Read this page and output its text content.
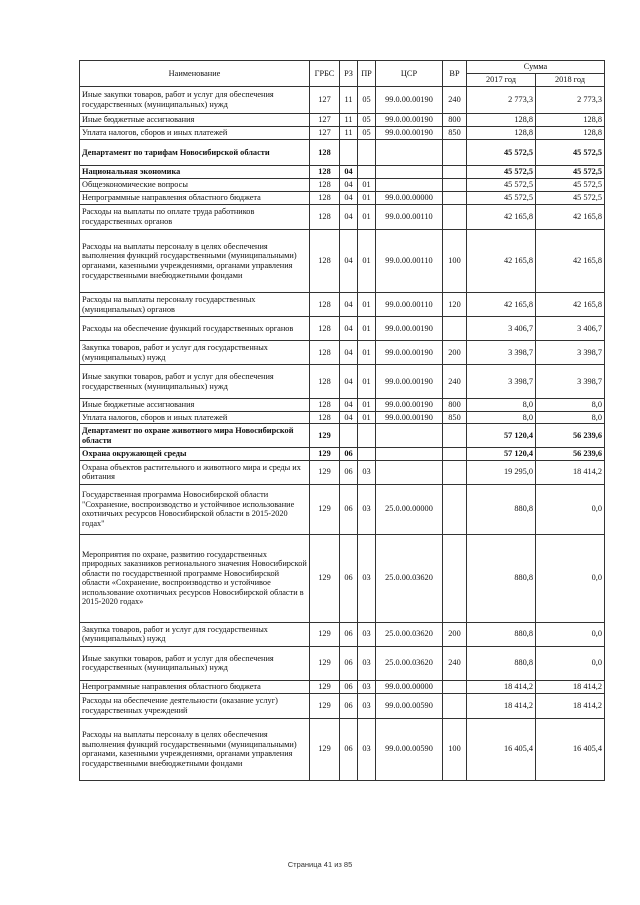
Наименование	ГРБС	РЗ	ПР	ЦСР	ВР	Сумма	
						2017 год	2018 год
Иные закупки товаров, работ и услуг для обеспечения государственных (муниципальных) нужд	127	11	05	99.0.00.00190	240	2 773,3	2 773,3
Иные бюджетные ассигнования	127	11	05	99.0.00.00190	800	128,8	128,8
Уплата налогов, сборов и иных платежей	127	11	05	99.0.00.00190	850	128,8	128,8
Департамент по тарифам Новосибирской области	128					45 572,5	45 572,5
Национальная экономика	128	04				45 572,5	45 572,5
Общеэкономические вопросы	128	04	01			45 572,5	45 572,5
Непрограммные направления областного бюджета	128	04	01	99.0.00.00000		45 572,5	45 572,5
Расходы на выплаты по оплате труда работников государственных органов	128	04	01	99.0.00.00110		42 165,8	42 165,8
Расходы на выплаты персоналу в целях обеспечения выполнения функций государственными (муниципальными) органами, казенными учреждениями, органами управления государственными внебюджетными фондами	128	04	01	99.0.00.00110	100	42 165,8	42 165,8
Расходы на выплаты персоналу государственных (муниципальных) органов	128	04	01	99.0.00.00110	120	42 165,8	42 165,8
Расходы на обеспечение функций государственных органов	128	04	01	99.0.00.00190		3 406,7	3 406,7
Закупка товаров, работ и услуг для государственных (муниципальных) нужд	128	04	01	99.0.00.00190	200	3 398,7	3 398,7
Иные закупки товаров, работ и услуг для обеспечения государственных (муниципальных) нужд	128	04	01	99.0.00.00190	240	3 398,7	3 398,7
Иные бюджетные ассигнования	128	04	01	99.0.00.00190	800	8,0	8,0
Уплата налогов, сборов и иных платежей	128	04	01	99.0.00.00190	850	8,0	8,0
Департамент по охране животного мира Новосибирской области	129					57 120,4	56 239,6
Охрана окружающей среды	129	06				57 120,4	56 239,6
Охрана объектов растительного и животного мира и среды их обитания	129	06	03			19 295,0	18 414,2
Государственная программа Новосибирской области "Сохранение, воспроизводство и устойчивое использование охотничьих ресурсов Новосибирской области в 2015-2020 годах"	129	06	03	25.0.00.00000		880,8	0,0
Мероприятия по охране, развитию государственных природных заказников регионального значения Новосибирской области по государственной программе Новосибирской области «Сохранение, воспроизводство и устойчивое использование охотничьих ресурсов Новосибирской области в 2015-2020 годах»	129	06	03	25.0.00.03620		880,8	0,0
Закупка товаров, работ и услуг для государственных (муниципальных) нужд	129	06	03	25.0.00.03620	200	880,8	0,0
Иные закупки товаров, работ и услуг для обеспечения государственных (муниципальных) нужд	129	06	03	25.0.00.03620	240	880,8	0,0
Непрограммные направления областного бюджета	129	06	03	99.0.00.00000		18 414,2	18 414,2
Расходы на обеспечение деятельности (оказание услуг) государственных учреждений	129	06	03	99.0.00.00590		18 414,2	18 414,2
Расходы на выплаты персоналу в целях обеспечения выполнения функций государственными (муниципальными) органами, казенными учреждениями, органами управления государственными внебюджетными фондами	129	06	03	99.0.00.00590	100	16 405,4	16 405,4
Страница 41 из 85
